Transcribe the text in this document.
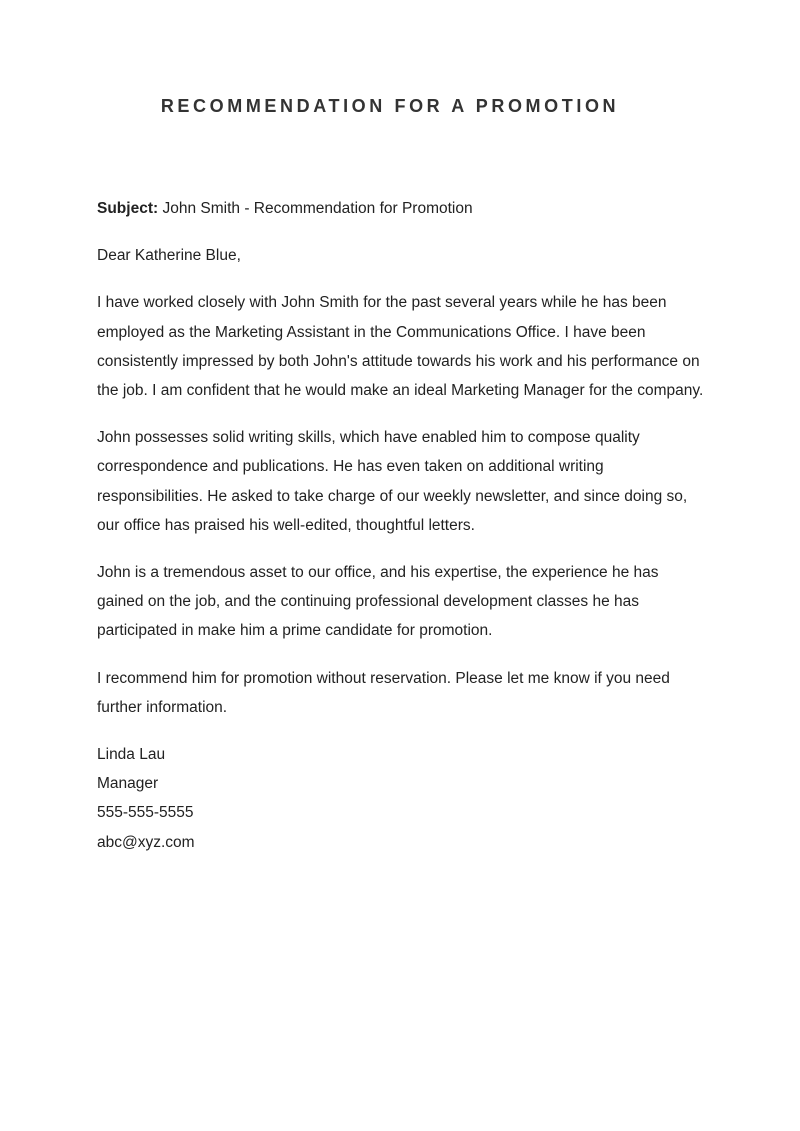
RECOMMENDATION FOR A PROMOTION

Subject: John Smith - Recommendation for Promotion

Dear Katherine Blue,

I have worked closely with John Smith for the past several years while he has been employed as the Marketing Assistant in the Communications Office. I have been consistently impressed by both John's attitude towards his work and his performance on the job. I am confident that he would make an ideal Marketing Manager for the company.

John possesses solid writing skills, which have enabled him to compose quality correspondence and publications. He has even taken on additional writing responsibilities. He asked to take charge of our weekly newsletter, and since doing so, our office has praised his well-edited, thoughtful letters.

John is a tremendous asset to our office, and his expertise, the experience he has gained on the job, and the continuing professional development classes he has participated in make him a prime candidate for promotion.

I recommend him for promotion without reservation. Please let me know if you need further information.

Linda Lau
Manager
555-555-5555
abc@xyz.com
